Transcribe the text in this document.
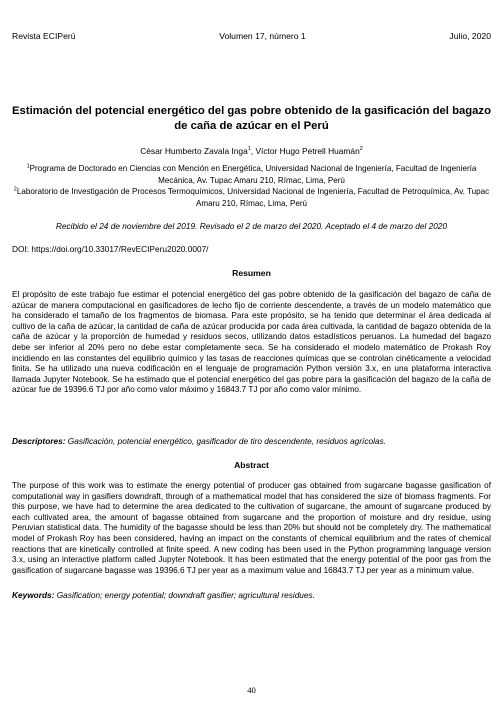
Revista ECIPerú	Volumen 17, número 1	Julio, 2020
Estimación del potencial energético del gas pobre obtenido de la gasificación del bagazo de caña de azúcar en el Perú
César Humberto Zavala Inga$^1$, Víctor Hugo Petrell Huamán$^2$
$^1$Programa de Doctorado en Ciencias con Mención en Energética, Universidad Nacional de Ingeniería, Facultad de Ingeniería Mecánica, Av. Tupac Amaru 210, Rímac, Lima, Perú
$^2$Laboratorio de Investigación de Procesos Termoquímicos, Universidad Nacional de Ingeniería, Facultad de Petroquímica, Av. Tupac Amaru 210, Rímac, Lima, Perú
Recibido el 24 de noviembre del 2019. Revisado el 2 de marzo del 2020. Aceptado el 4 de marzo del 2020
DOI: https://doi.org/10.33017/RevECIPeru2020.0007/
Resumen

El propósito de este trabajo fue estimar el potencial energético del gas pobre obtenido de la gasificación del bagazo de caña de azúcar de manera computacional en gasificadores de lecho fijo de corriente descendente, a través de un modelo matemático que ha considerado el tamaño de los fragmentos de biomasa. Para este propósito, se ha tenido que determinar el área dedicada al cultivo de la caña de azúcar, la cantidad de caña de azúcar producida por cada área cultivada, la cantidad de bagazo obtenida de la caña de azúcar y la proporción de humedad y residuos secos, utilizando datos estadísticos peruanos. La humedad del bagazo debe ser inferior al 20% pero no debe estar completamente seca. Se ha considerado el modelo matemático de Prokash Roy incidiendo en las constantes del equilibrio químico y las tasas de reacciones químicas que se controlan cinéticamente a velocidad finita. Se ha utilizado una nueva codificación en el lenguaje de programación Python versión 3.x, en una plataforma interactiva llamada Jupyter Notebook. Se ha estimado que el potencial energético del gas pobre para la gasificación del bagazo de la caña de azúcar fue de 19396.6 TJ por año como valor máximo y 16843.7 TJ por año como valor mínimo.

Descriptores: Gasificación, potencial energético, gasificador de tiro descendente, residuos agrícolas.
Abstract

The purpose of this work was to estimate the energy potential of producer gas obtained from sugarcane bagasse gasification of computational way in gasifiers downdraft, through of a mathematical model that has considered the size of biomass fragments. For this purpose, we have had to determine the area dedicated to the cultivation of sugarcane, the amount of sugarcane produced by each cultivated area, the amount of bagasse obtained from sugarcane and the proportion of moisture and dry residue, using Peruvian statistical data. The humidity of the bagasse should be less than 20% but should not be completely dry. The mathematical model of Prokash Roy has been considered, having an impact on the constants of chemical equilibrium and the rates of chemical reactions that are kinetically controlled at finite speed. A new coding has been used in the Python programming language version 3.x, using an interactive platform called Jupyter Notebook. It has been estimated that the energy potential of the poor gas from the gasification of sugarcane bagasse was 19396.6 TJ per year as a maximum value and 16843.7 TJ per year as a minimum value.

Keywords: Gasification; energy potential; downdraft gasifier; agricultural residues.
40
